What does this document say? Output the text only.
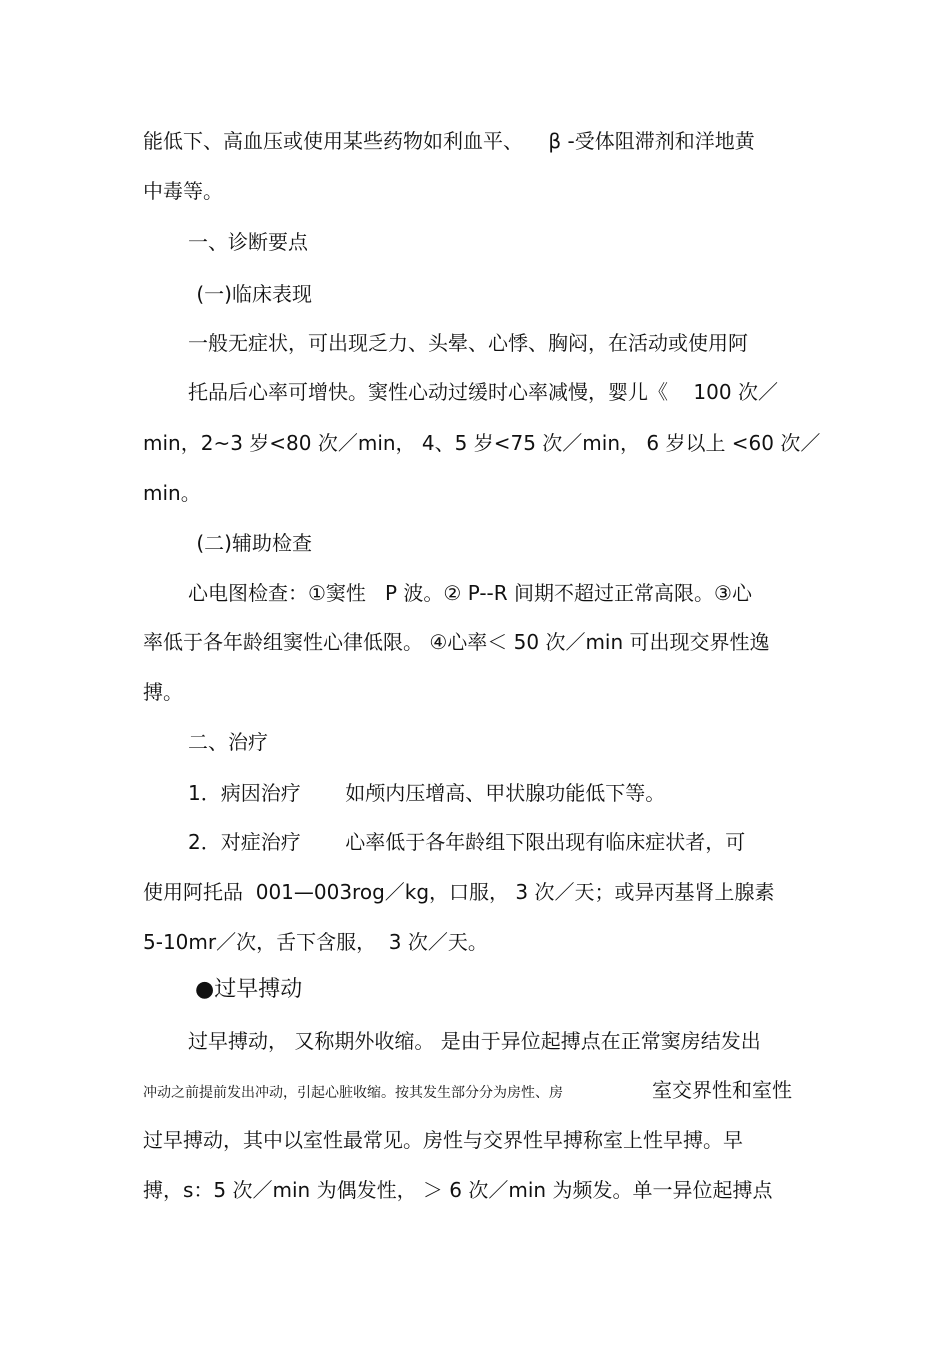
能低下、高血压或使用某些药物如利血平、    β -受体阻滞剂和洋地黄
中毒等。
一、诊断要点
(一)临床表现
一般无症状，可出现乏力、头晕、心悸、胸闷，在活动或使用阿
托品后心率可增快。窦性心动过缓时心率减慢，婴儿《    100 次／
min，2~3 岁<80 次／min， 4、5 岁<75 次／min， 6 岁以上 <60 次／
min。
(二)辅助检查
心电图检查：①窦性   P 波。② P--R 间期不超过正常高限。③心
率低于各年龄组窦性心律低限。 ④心率＜ 50 次／min 可出现交界性逸
搏。
二、治疗
1．病因治疗       如颅内压增高、甲状腺功能低下等。
2．对症治疗       心率低于各年龄组下限出现有临床症状者，可
使用阿托品  001—003rog／kg，口服， 3 次／天；或异丙基肾上腺素
5-10mr／次，舌下含服，  3 次／天。
●过早搏动
过早搏动， 又称期外收缩。 是由于异位起搏点在正常窦房结发出
冲动之前提前发出冲动，引起心脏收缩。按其发生部分分为房性、房	室交界性和室性
过早搏动，其中以室性最常见。房性与交界性早搏称室上性早搏。早
搏，s：5 次／min 为偶发性， ＞ 6 次／min 为频发。单一异位起搏点
